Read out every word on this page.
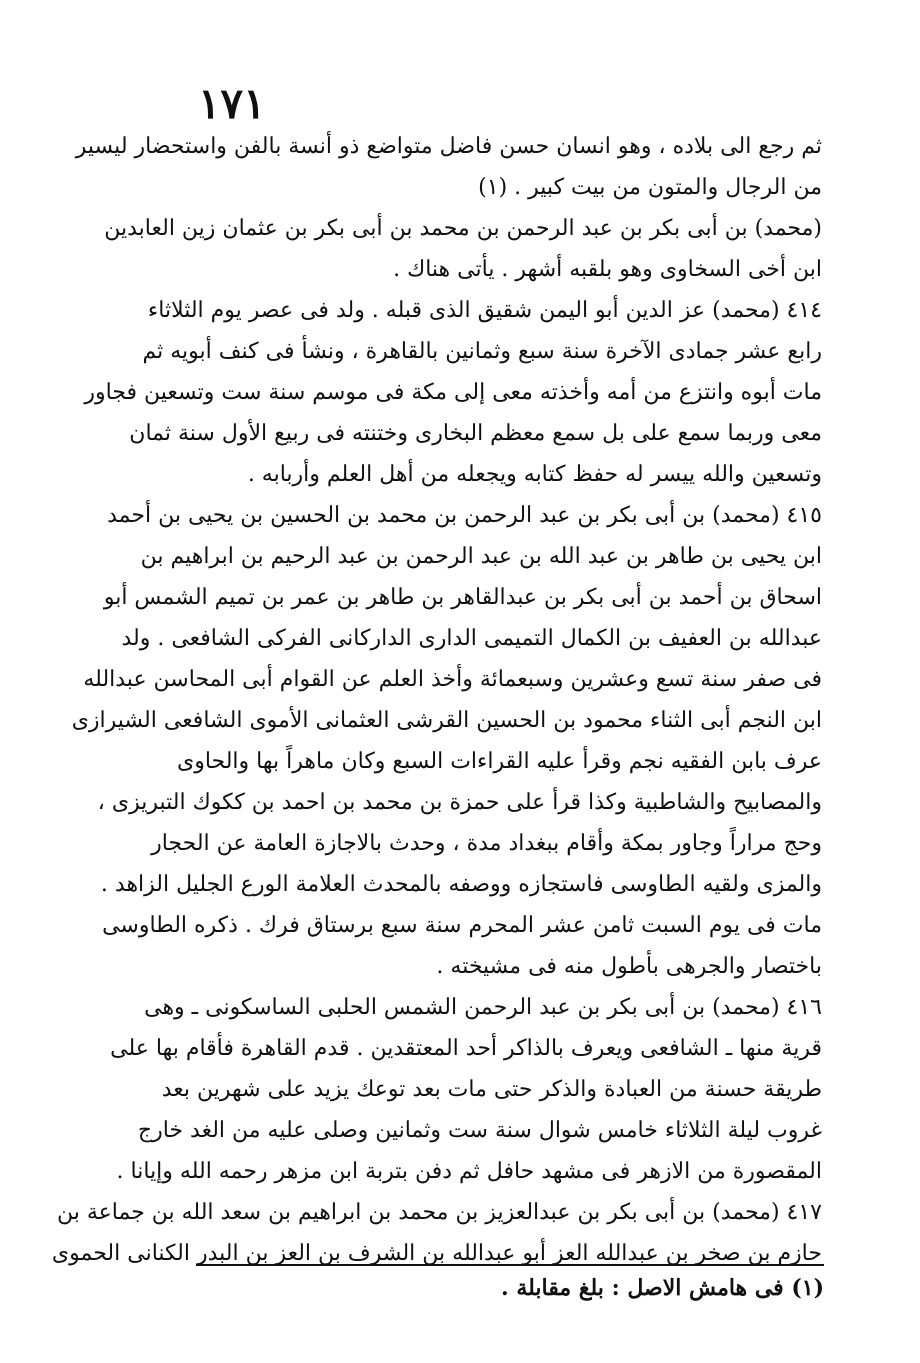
١٧١
ثم رجع الى بلاده ، وهو انسان حسن فاضل متواضع ذو أنسة بالفن واستحضار ليسير
من الرجال والمتون من بيت كبير . (١)
(محمد) بن أبى بكر بن عبد الرحمن بن محمد بن أبى بكر بن عثمان زين العابدين
ابن أخى السخاوى وهو بلقبه أشهر . يأتى هناك .
٤١٤ (محمد) عز الدين أبو اليمن شقيق الذى قبله . ولد فى عصر يوم الثلاثاء
رابع عشر جمادى الآخرة سنة سبع وثمانين بالقاهرة ، ونشأ فى كنف أبويه ثم
مات أبوه وانتزع من أمه وأخذته معى إلى مكة فى موسم سنة ست وتسعين فجاور
معى وربما سمع على بل سمع معظم البخارى وختنته فى ربيع الأول سنة ثمان
وتسعين والله ييسر له حفظ كتابه ويجعله من أهل العلم وأربابه .
٤١٥ (محمد) بن أبى بكر بن عبد الرحمن بن محمد بن الحسين بن يحيى بن أحمد
ابن يحيى بن طاهر بن عبد الله بن عبد الرحمن بن عبد الرحيم بن ابراهيم بن
اسحاق بن أحمد بن أبى بكر بن عبدالقاهر بن طاهر بن عمر بن تميم الشمس أبو
عبدالله بن العفيف بن الكمال التميمى الدارى الداركانى الفركى الشافعى . ولد
فى صفر سنة تسع وعشرين وسبعمائة وأخذ العلم عن القوام أبى المحاسن عبدالله
ابن النجم أبى الثناء محمود بن الحسين القرشى العثمانى الأموى الشافعى الشيرازى
عرف بابن الفقيه نجم وقرأ عليه القراءات السبع وكان ماهراً بها والحاوى
والمصابيح والشاطبية وكذا قرأ على حمزة بن محمد بن احمد بن ككوك التبريزى ،
وحج مراراً وجاور بمكة وأقام ببغداد مدة ، وحدث بالاجازة العامة عن الحجار
والمزى ولقيه الطاوسى فاستجازه ووصفه بالمحدث العلامة الورع الجليل الزاهد .
مات فى يوم السبت ثامن عشر المحرم سنة سبع برستاق فرك . ذكره الطاوسى
باختصار والجرهى بأطول منه فى مشيخته .
٤١٦ (محمد) بن أبى بكر بن عبد الرحمن الشمس الحلبى الساسكونى ـ وهى
قرية منها ـ الشافعى ويعرف بالذاكر أحد المعتقدين . قدم القاهرة فأقام بها على
طريقة حسنة من العبادة والذكر حتى مات بعد توعك يزيد على شهرين بعد
غروب ليلة الثلاثاء خامس شوال سنة ست وثمانين وصلى عليه من الغد خارج
المقصورة من الازهر فى مشهد حافل ثم دفن بتربة ابن مزهر رحمه الله وإيانا .
٤١٧ (محمد) بن أبى بكر بن عبدالعزيز بن محمد بن ابراهيم بن سعد الله بن جماعة بن
حازم بن صخر بن عبدالله العز أبو عبدالله بن الشرف بن العز بن البدر الكنانى الحموى
(١) فى هامش الاصل : بلغ مقابلة .
